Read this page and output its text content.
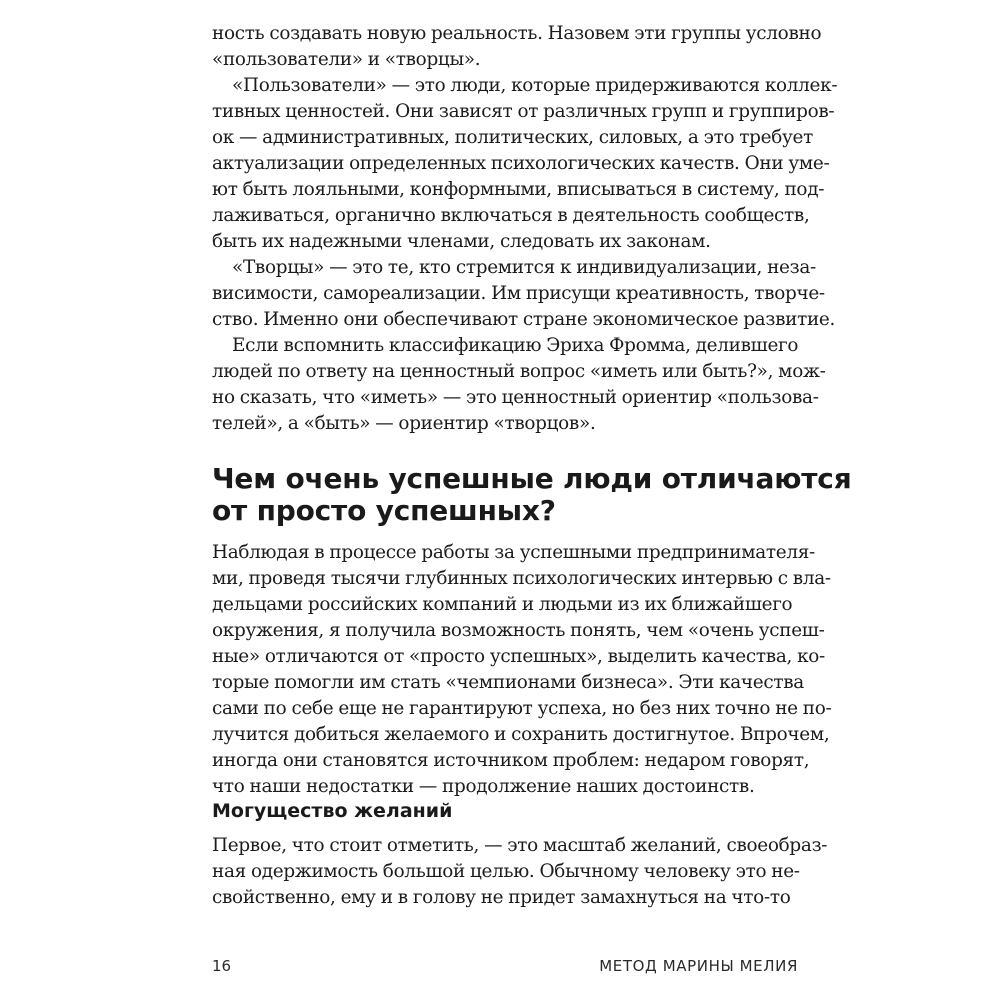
ность создавать новую реальность. Назовем эти группы условно
«пользователи» и «творцы».
«Пользователи» — это люди, которые придерживаются коллек-
тивных ценностей. Они зависят от различных групп и группиров-
ок — административных, политических, силовых, а это требует
актуализации определенных психологических качеств. Они уме-
ют быть лояльными, конформными, вписываться в систему, под-
лаживаться, органично включаться в деятельность сообществ,
быть их надежными членами, следовать их законам.
«Творцы» — это те, кто стремится к индивидуализации, неза-
висимости, самореализации. Им присущи креативность, творче-
ство. Именно они обеспечивают стране экономическое развитие.
Если вспомнить классификацию Эриха Фромма, делившего
людей по ответу на ценностный вопрос «иметь или быть?», мож-
но сказать, что «иметь» — это ценностный ориентир «пользова-
телей», а «быть» — ориентир «творцов».
Чем очень успешные люди отличаются
от просто успешных?
Наблюдая в процессе работы за успешными предпринимателя-
ми, проведя тысячи глубинных психологических интервью с вла-
дельцами российских компаний и людьми из их ближайшего
окружения, я получила возможность понять, чем «очень успеш-
ные» отличаются от «просто успешных», выделить качества, ко-
торые помогли им стать «чемпионами бизнеса». Эти качества
сами по себе еще не гарантируют успеха, но без них точно не по-
лучится добиться желаемого и сохранить достигнутое. Впрочем,
иногда они становятся источником проблем: недаром говорят,
что наши недостатки — продолжение наших достоинств.
Могущество желаний
Первое, что стоит отметить, — это масштаб желаний, своеобраз-
ная одержимость большой целью. Обычному человеку это не-
свойственно, ему и в голову не придет замахнуться на что-то
16	МЕТОД МАРИНЫ МЕЛИЯ
